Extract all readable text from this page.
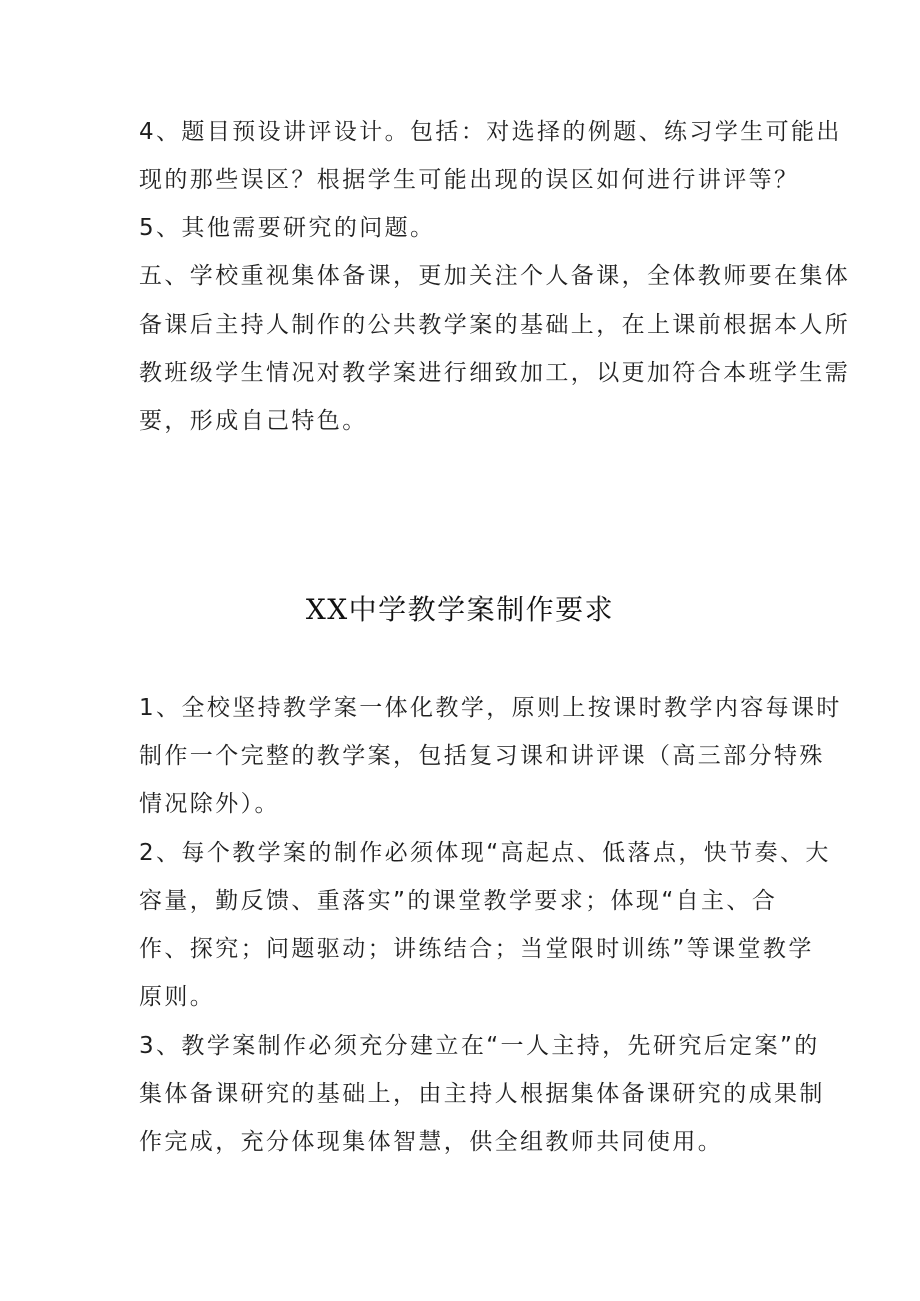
4、题目预设讲评设计。包括：对选择的例题、练习学生可能出
现的那些误区？根据学生可能出现的误区如何进行讲评等？
5、其他需要研究的问题。
五、学校重视集体备课，更加关注个人备课，全体教师要在集体
备课后主持人制作的公共教学案的基础上，在上课前根据本人所
教班级学生情况对教学案进行细致加工，以更加符合本班学生需
要，形成自己特色。
XX中学教学案制作要求
1、全校坚持教学案一体化教学，原则上按课时教学内容每课时
制作一个完整的教学案，包括复习课和讲评课（高三部分特殊
情况除外）。
2、每个教学案的制作必须体现“高起点、低落点，快节奏、大
容量，勤反馈、重落实”的课堂教学要求；体现“自主、合
作、探究；问题驱动；讲练结合；当堂限时训练”等课堂教学
原则。
3、教学案制作必须充分建立在“一人主持，先研究后定案”的
集体备课研究的基础上，由主持人根据集体备课研究的成果制
作完成，充分体现集体智慧，供全组教师共同使用。
